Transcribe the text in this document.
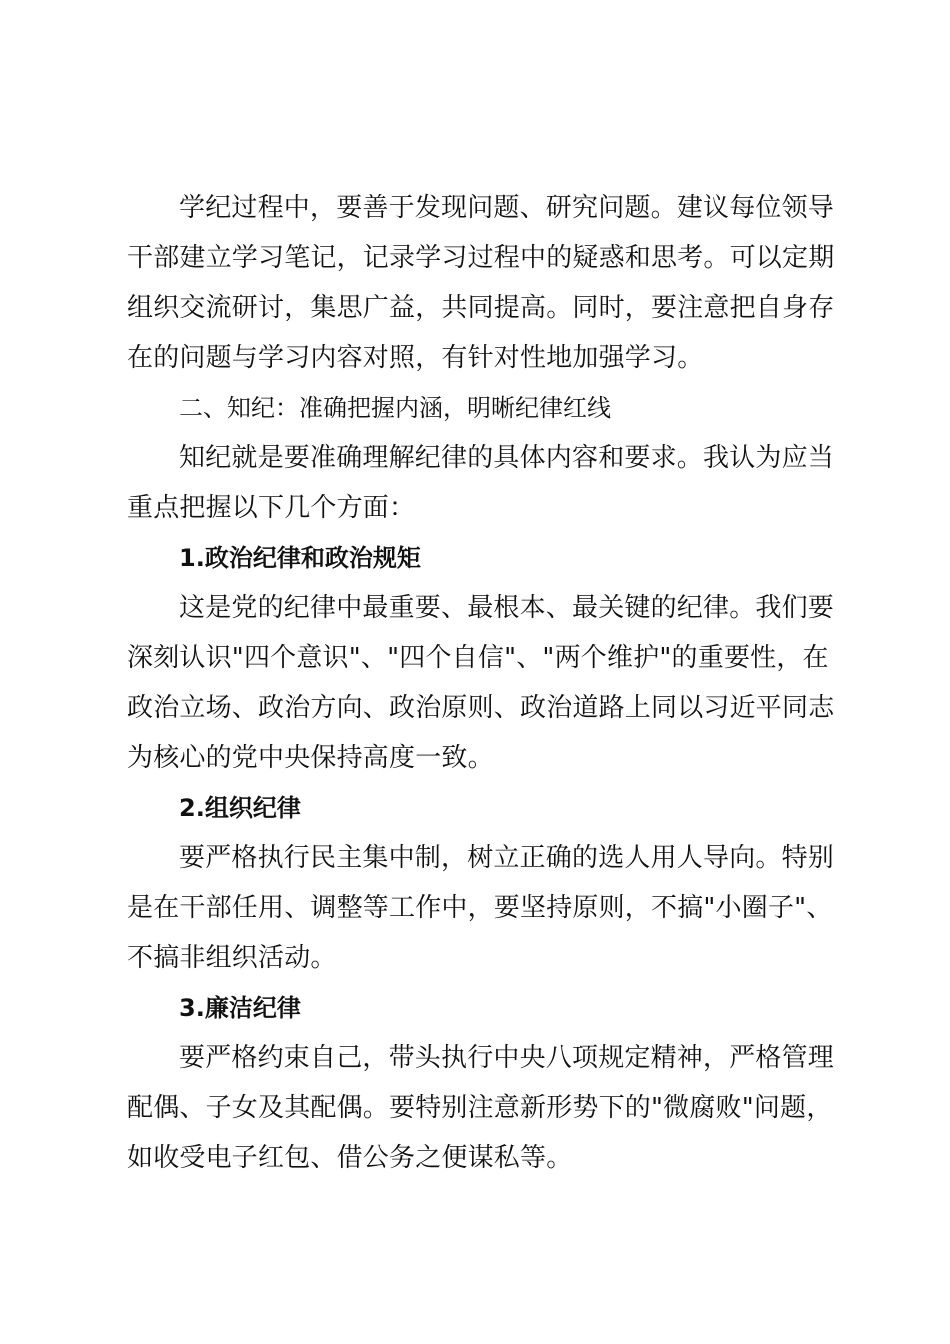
学纪过程中，要善于发现问题、研究问题。建议每位领导
干部建立学习笔记，记录学习过程中的疑惑和思考。可以定期
组织交流研讨，集思广益，共同提高。同时，要注意把自身存
在的问题与学习内容对照，有针对性地加强学习。
二、知纪：准确把握内涵，明晰纪律红线
知纪就是要准确理解纪律的具体内容和要求。我认为应当
重点把握以下几个方面：
1.政治纪律和政治规矩
这是党的纪律中最重要、最根本、最关键的纪律。我们要
深刻认识"四个意识"、"四个自信"、"两个维护"的重要性，在
政治立场、政治方向、政治原则、政治道路上同以习近平同志
为核心的党中央保持高度一致。
2.组织纪律
要严格执行民主集中制，树立正确的选人用人导向。特别
是在干部任用、调整等工作中，要坚持原则，不搞"小圈子"、
不搞非组织活动。
3.廉洁纪律
要严格约束自己，带头执行中央八项规定精神，严格管理
配偶、子女及其配偶。要特别注意新形势下的"微腐败"问题，
如收受电子红包、借公务之便谋私等。
